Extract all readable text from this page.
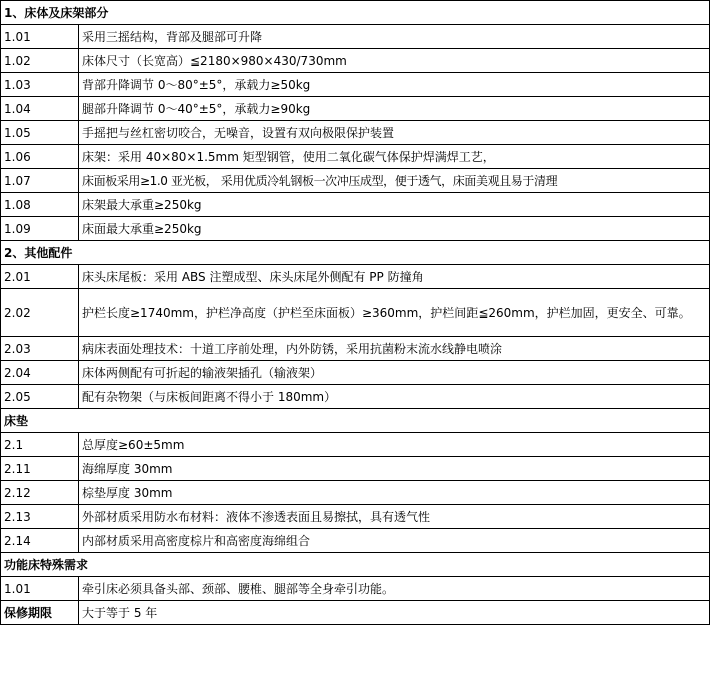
1、床体及床架部分	
1.01	采用三摇结构，背部及腿部可升降
1.02	床体尺寸（长宽高）≦2180×980×430/730mm
1.03	背部升降调节 0～80°±5°，承载力≥50kg
1.04	腿部升降调节 0～40°±5°，承载力≥90kg
1.05	手摇把与丝杠密切咬合，无噪音，设置有双向极限保护装置
1.06	床架：采用 40×80×1.5mm 矩型钢管，使用二氧化碳气体保护焊满焊工艺，
1.07	床面板采用≥1.0 亚光板， 采用优质冷轧钢板一次冲压成型，便于透气，床面美观且易于清理
1.08	床架最大承重≥250kg
1.09	床面最大承重≥250kg
2、其他配件	
2.01	床头床尾板：采用 ABS 注塑成型、床头床尾外侧配有 PP 防撞角
2.02	护栏长度≥1740mm，护栏净高度（护栏至床面板）≥360mm，护栏间距≦260mm，护栏加固，更安全、可靠。
2.03	病床表面处理技术：十道工序前处理，内外防锈，采用抗菌粉末流水线静电喷涂
2.04	床体两侧配有可折起的输液架插孔（输液架）
2.05	配有杂物架（与床板间距离不得小于 180mm）
床垫	
2.1	总厚度≥60±5mm
2.11	海绵厚度 30mm
2.12	棕垫厚度 30mm
2.13	外部材质采用防水布材料：液体不渗透表面且易擦拭，具有透气性
2.14	内部材质采用高密度棕片和高密度海绵组合
功能床特殊需求	
1.01	牵引床必须具备头部、颈部、腰椎、腿部等全身牵引功能。
保修期限	大于等于 5 年
